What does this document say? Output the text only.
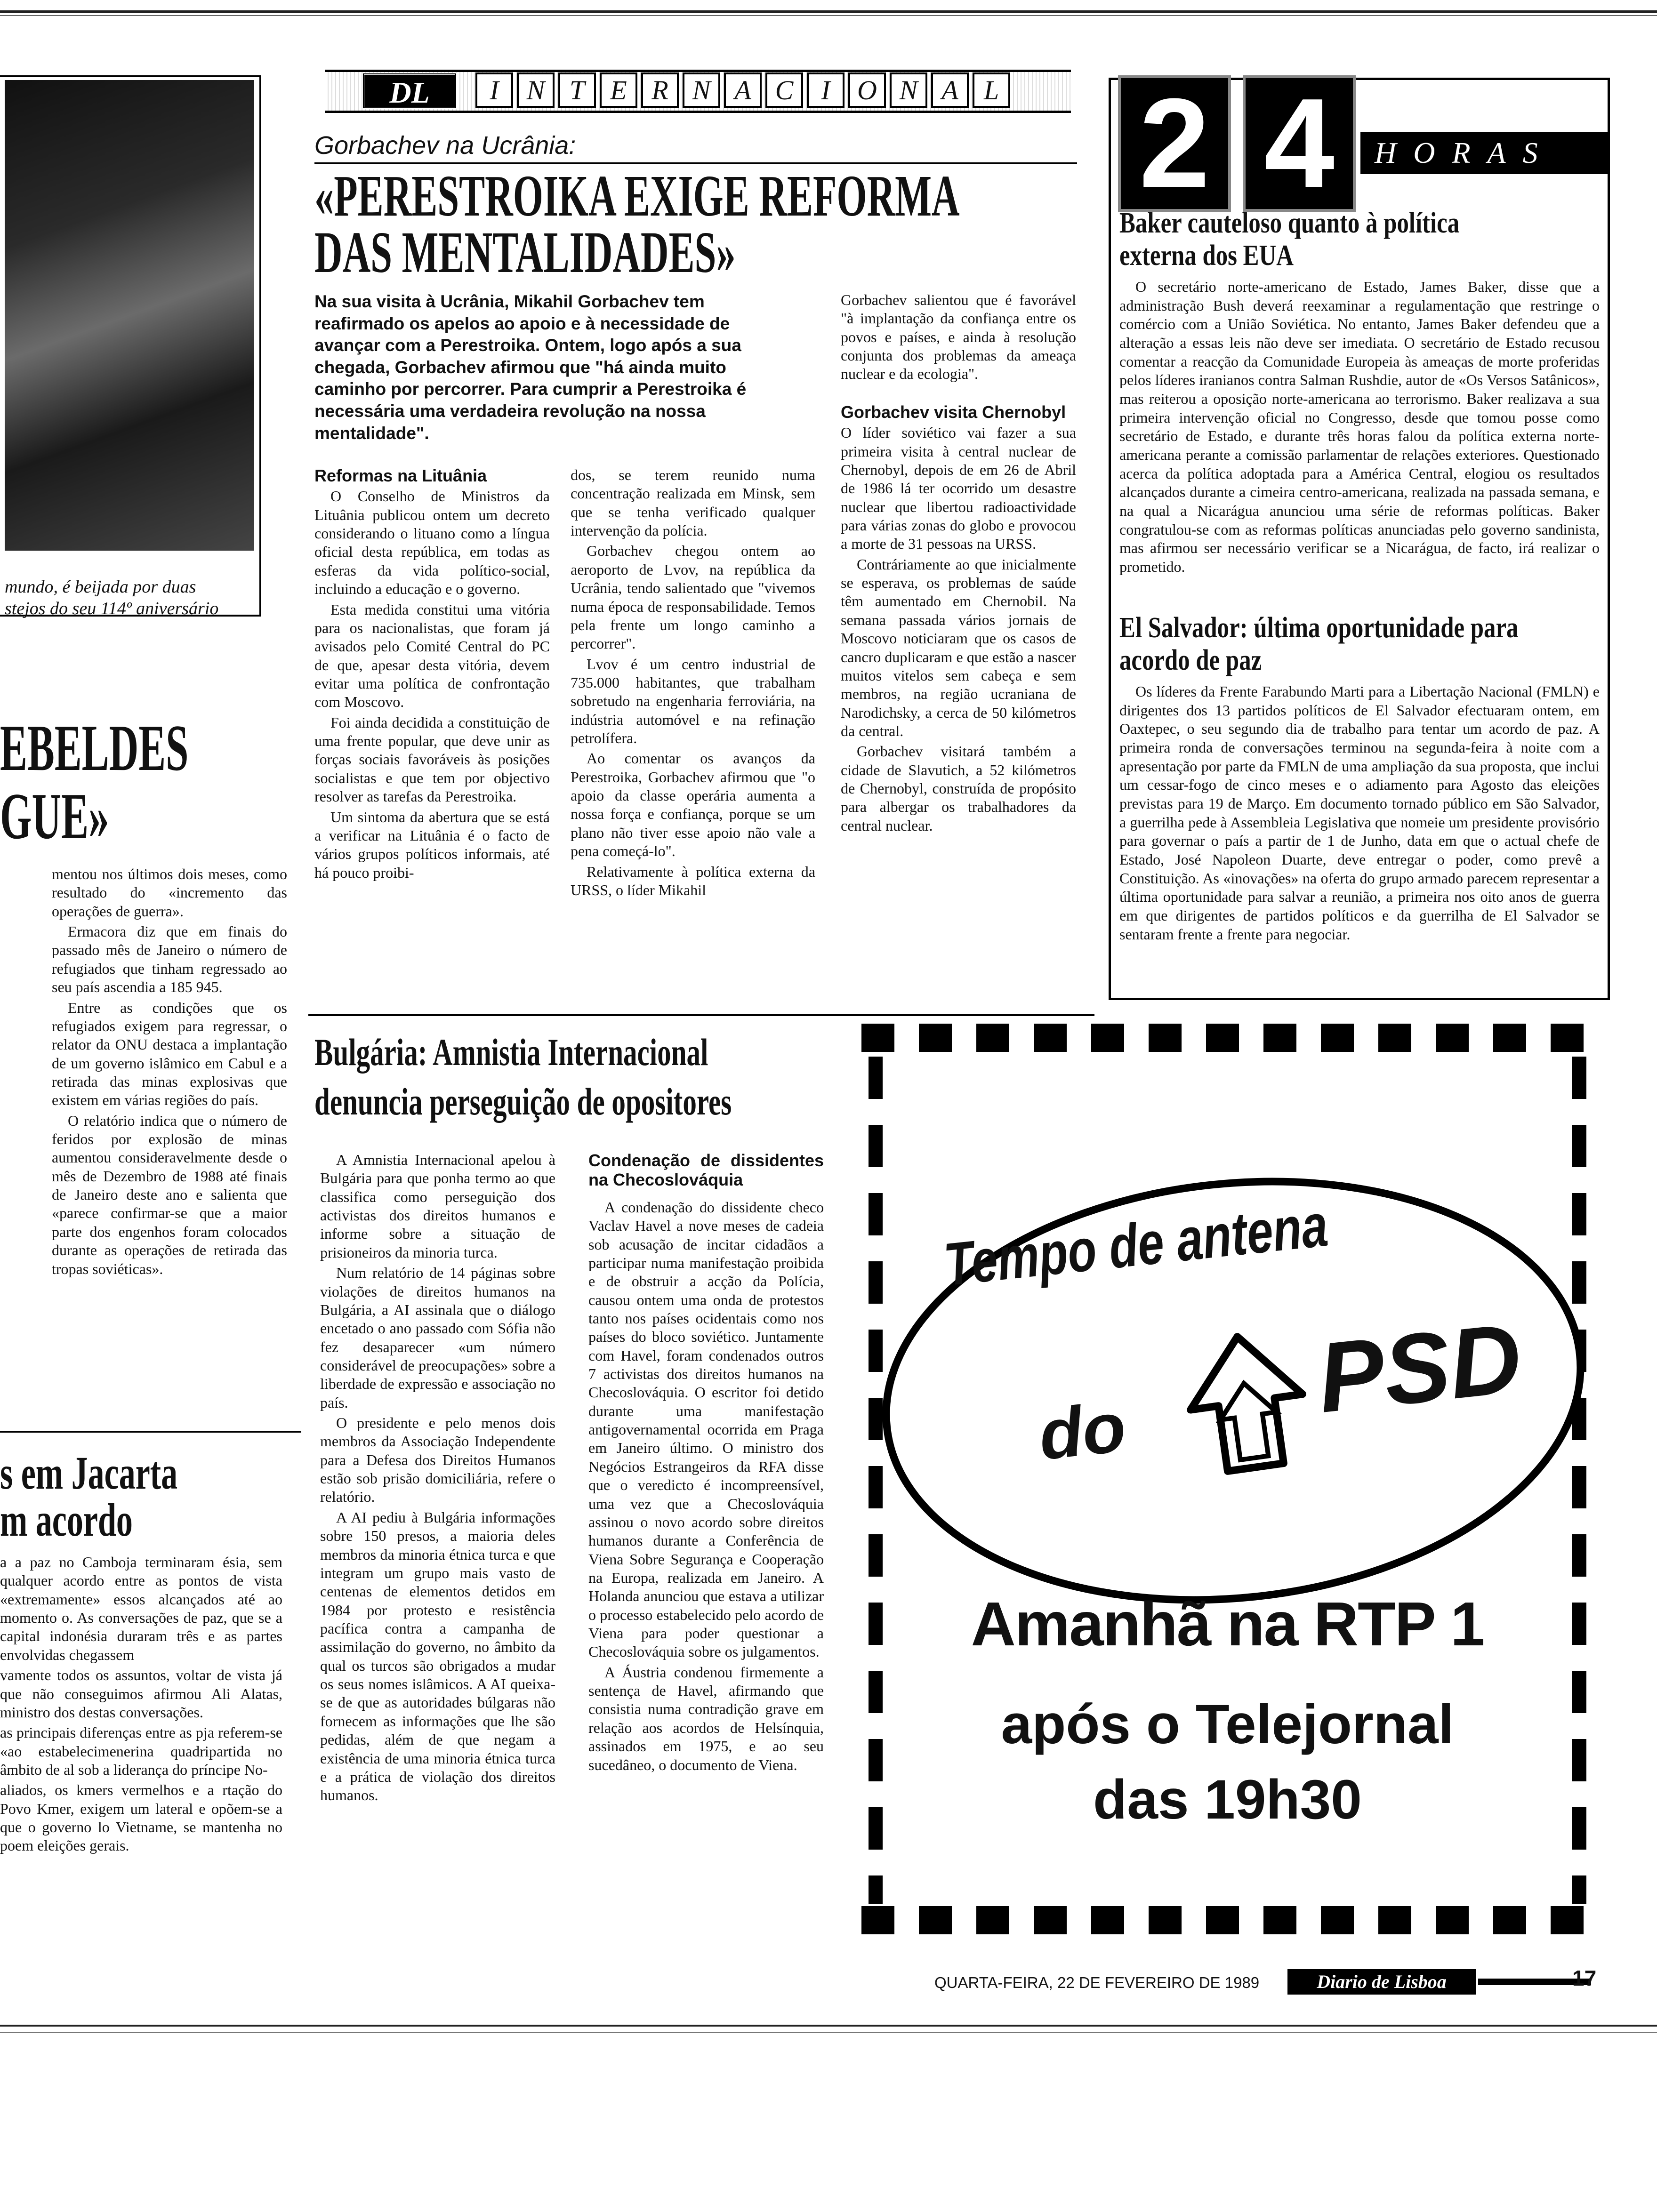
mundo, é beijada por duas
stejos do seu 114º aniversário
EBELDES
GUE»

mentou nos últimos dois meses, como resultado do «incremento das operações de guerra».

Ermacora diz que em finais do passado mês de Janeiro o número de refugiados que tinham regressado ao seu país ascendia a 185 945.

Entre as condições que os refugiados exigem para regressar, o relator da ONU destaca a implantação de um governo islâmico em Cabul e a retirada das minas explosivas que existem em várias regiões do país.

O relatório indica que o número de feridos por explosão de minas aumentou consideravelmente desde o mês de Dezembro de 1988 até finais de Janeiro deste ano e salienta que «parece confirmar-se que a maior parte dos engenhos foram colocados durante as operações de retirada das tropas soviéticas».

s em Jacarta
m acordo

a a paz no Camboja terminaram ésia, sem qualquer acordo entre as pontos de vista «extremamente» essos alcançados até ao momento o. As conversações de paz, que se a capital indonésia duraram três e as partes envolvidas chegassem

vamente todos os assuntos, voltar de vista já que não conseguimos afirmou Ali Alatas, ministro dos destas conversações.

as principais diferenças entre as pja referem-se «ao estabelecimenerina quadripartida no âmbito de al sob a liderança do príncipe No-

aliados, os kmers vermelhos e a rtação do Povo Kmer, exigem um lateral e opõem-se a que o governo lo Vietname, se mantenha no poem eleições gerais.

DL	I N T E R N A C I O N A L
Gorbachev na Ucrânia:
«PERESTROIKA EXIGE REFORMA
DAS MENTALIDADES»
Na sua visita à Ucrânia, Mikahil Gorbachev tem reafirmado os apelos ao apoio e à necessidade de avançar com a Perestroika. Ontem, logo após a sua chegada, Gorbachev afirmou que "há ainda muito caminho por percorrer. Para cumprir a Perestroika é necessária uma verdadeira revolução na nossa mentalidade".
Reformas na Lituânia

O Conselho de Ministros da Lituânia publicou ontem um decreto considerando o lituano como a língua oficial desta república, em todas as esferas da vida político-social, incluindo a educação e o governo.

Esta medida constitui uma vitória para os nacionalistas, que foram já avisados pelo Comité Central do PC de que, apesar desta vitória, devem evitar uma política de confrontação com Moscovo.

Foi ainda decidida a constituição de uma frente popular, que deve unir as forças sociais favoráveis às posições socialistas e que tem por objectivo resolver as tarefas da Perestroika.

Um sintoma da abertura que se está a verificar na Lituânia é o facto de vários grupos políticos informais, até há pouco proibi-

dos, se terem reunido numa concentração realizada em Minsk, sem que se tenha verificado qualquer intervenção da polícia.

Gorbachev chegou ontem ao aeroporto de Lvov, na república da Ucrânia, tendo salientado que "vivemos numa época de responsabilidade. Temos pela frente um longo caminho a percorrer".

Lvov é um centro industrial de 735.000 habitantes, que trabalham sobretudo na engenharia ferroviária, na indústria automóvel e na refinação petrolífera.

Ao comentar os avanços da Perestroika, Gorbachev afirmou que "o apoio da classe operária aumenta a nossa força e confiança, porque se um plano não tiver esse apoio não vale a pena começá-lo".

Relativamente à política externa da URSS, o líder Mikahil

Gorbachev salientou que é favorável "à implantação da confiança entre os povos e países, e ainda à resolução conjunta dos problemas da ameaça nuclear e da ecologia".

Gorbachev visita Chernobyl

O líder soviético vai fazer a sua primeira visita à central nuclear de Chernobyl, depois de em 26 de Abril de 1986 lá ter ocorrido um desastre nuclear que libertou radioactividade para várias zonas do globo e provocou a morte de 31 pessoas na URSS.

Contráriamente ao que inicialmente se esperava, os problemas de saúde têm aumentado em Chernobil. Na semana passada vários jornais de Moscovo noticiaram que os casos de cancro duplicaram e que estão a nascer muitos vitelos sem cabeça e sem membros, na região ucraniana de Narodichsky, a cerca de 50 kilómetros da central.

Gorbachev visitará também a cidade de Slavutich, a 52 kilómetros de Chernobyl, construída de propósito para albergar os trabalhadores da central nuclear.

2 4	HORAS
Baker cauteloso quanto à política externa dos EUA
O secretário norte-americano de Estado, James Baker, disse que a administração Bush deverá reexaminar a regulamentação que restringe o comércio com a União Soviética. No entanto, James Baker defendeu que a alteração a essas leis não deve ser imediata. O secretário de Estado recusou comentar a reacção da Comunidade Europeia às ameaças de morte proferidas pelos líderes iranianos contra Salman Rushdie, autor de «Os Versos Satânicos», mas reiterou a oposição norte-americana ao terrorismo. Baker realizava a sua primeira intervenção oficial no Congresso, desde que tomou posse como secretário de Estado, e durante três horas falou da política externa norte-americana perante a comissão parlamentar de relações exteriores. Questionado acerca da política adoptada para a América Central, elogiou os resultados alcançados durante a cimeira centro-americana, realizada na passada semana, e na qual a Nicarágua anunciou uma série de reformas políticas. Baker congratulou-se com as reformas políticas anunciadas pelo governo sandinista, mas afirmou ser necessário verificar se a Nicarágua, de facto, irá realizar o prometido.
El Salvador: última oportunidade para acordo de paz
Os líderes da Frente Farabundo Marti para a Libertação Nacional (FMLN) e dirigentes dos 13 partidos políticos de El Salvador efectuaram ontem, em Oaxtepec, o seu segundo dia de trabalho para tentar um acordo de paz. A primeira ronda de conversações terminou na segunda-feira à noite com a apresentação por parte da FMLN de uma ampliação da sua proposta, que inclui um cessar-fogo de cinco meses e o adiamento para Agosto das eleições previstas para 19 de Março. Em documento tornado público em São Salvador, a guerrilha pede à Assembleia Legislativa que nomeie um presidente provisório para governar o país a partir de 1 de Junho, data em que o actual chefe de Estado, José Napoleon Duarte, deve entregar o poder, como prevê a Constituição. As «inovações» na oferta do grupo armado parecem representar a última oportunidade para salvar a reunião, a primeira nos oito anos de guerra em que dirigentes de partidos políticos e da guerrilha de El Salvador se sentaram frente a frente para negociar.
Bulgária: Amnistia Internacional
denuncia perseguição de opositores

A Amnistia Internacional apelou à Bulgária para que ponha termo ao que classifica como perseguição dos activistas dos direitos humanos e informe sobre a situação de prisioneiros da minoria turca.

Num relatório de 14 páginas sobre violações de direitos humanos na Bulgária, a AI assinala que o diálogo encetado o ano passado com Sófia não fez desaparecer «um número considerável de preocupações» sobre a liberdade de expressão e associação no país.

O presidente e pelo menos dois membros da Associação Independente para a Defesa dos Direitos Humanos estão sob prisão domiciliária, refere o relatório.

A AI pediu à Bulgária informações sobre 150 presos, a maioria deles membros da minoria étnica turca e que integram um grupo mais vasto de centenas de elementos detidos em 1984 por protesto e resistência pacífica contra a campanha de assimilação do governo, no âmbito da qual os turcos são obrigados a mudar os seus nomes islâmicos. A AI queixa-se de que as autoridades búlgaras não fornecem as informações que lhe são pedidas, além de que negam a existência de uma minoria étnica turca e a prática de violação dos direitos humanos.

Condenação de dissidentes na Checoslováquia

A condenação do dissidente checo Vaclav Havel a nove meses de cadeia sob acusação de incitar cidadãos a participar numa manifestação proibida e de obstruir a acção da Polícia, causou ontem uma onda de protestos tanto nos países ocidentais como nos países do bloco soviético. Juntamente com Havel, foram condenados outros 7 activistas dos direitos humanos na Checoslováquia. O escritor foi detido durante uma manifestação antigovernamental ocorrida em Praga em Janeiro último. O ministro dos Negócios Estrangeiros da RFA disse que o veredicto é incompreensível, uma vez que a Checoslováquia assinou o novo acordo sobre direitos humanos durante a Conferência de Viena Sobre Segurança e Cooperação na Europa, realizada em Janeiro. A Holanda anunciou que estava a utilizar o processo estabelecido pelo acordo de Viena para poder questionar a Checoslováquia sobre os julgamentos.

A Áustria condenou firmemente a sentença de Havel, afirmando que consistia numa contradição grave em relação aos acordos de Helsínquia, assinados em 1975, e ao seu sucedâneo, o documento de Viena.

Tempo de antena
do PSD
Amanhã na RTP 1
após o Telejornal
das 19h30
QUARTA-FEIRA, 22 DE FEVEREIRO DE 1989	Diario de Lisboa	17
